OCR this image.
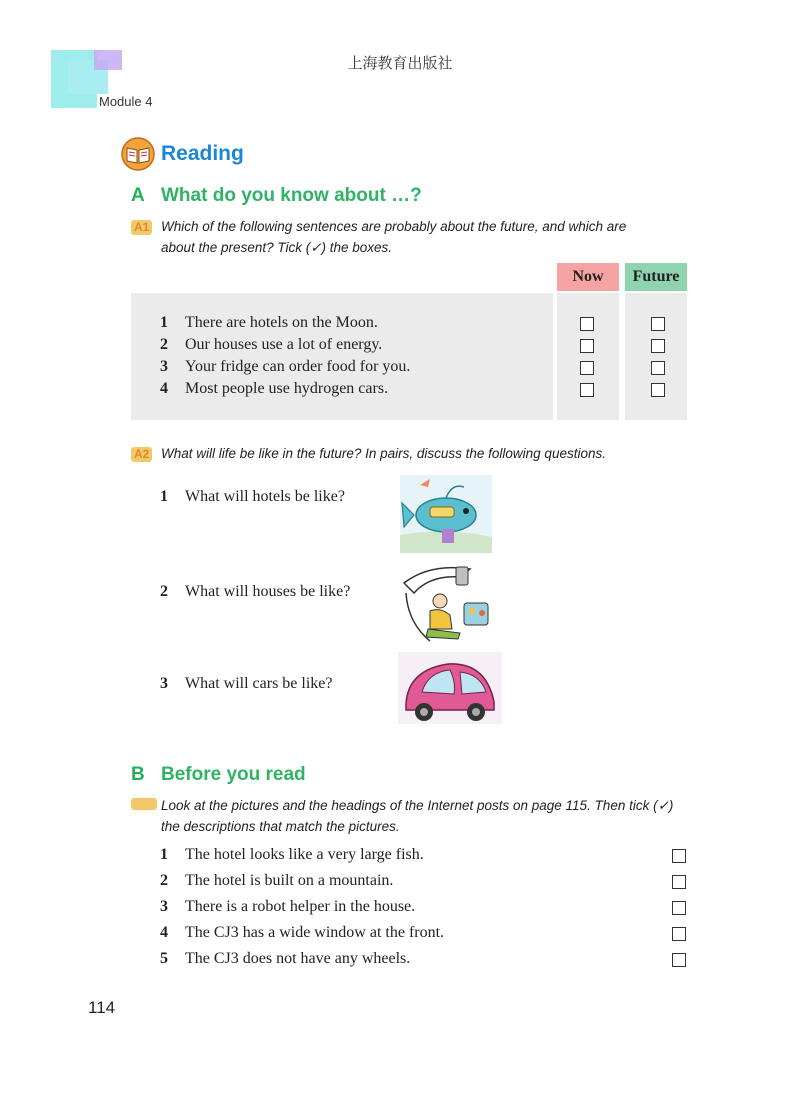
上海教育出版社
Module 4
Reading
A What do you know about …?
A1 Which of the following sentences are probably about the future, and which are
about the present? Tick (✓) the boxes.
Now	Future
1 There are hotels on the Moon.
2 Our houses use a lot of energy.
3 Your fridge can order food for you.
4 Most people use hydrogen cars.
A2 What will life be like in the future? In pairs, discuss the following questions.
1 What will hotels be like?
2 What will houses be like?
3 What will cars be like?
B Before you read
Look at the pictures and the headings of the Internet posts on page 115. Then tick (✓)
the descriptions that match the pictures.
1 The hotel looks like a very large fish.
2 The hotel is built on a mountain.
3 There is a robot helper in the house.
4 The CJ3 has a wide window at the front.
5 The CJ3 does not have any wheels.
114
